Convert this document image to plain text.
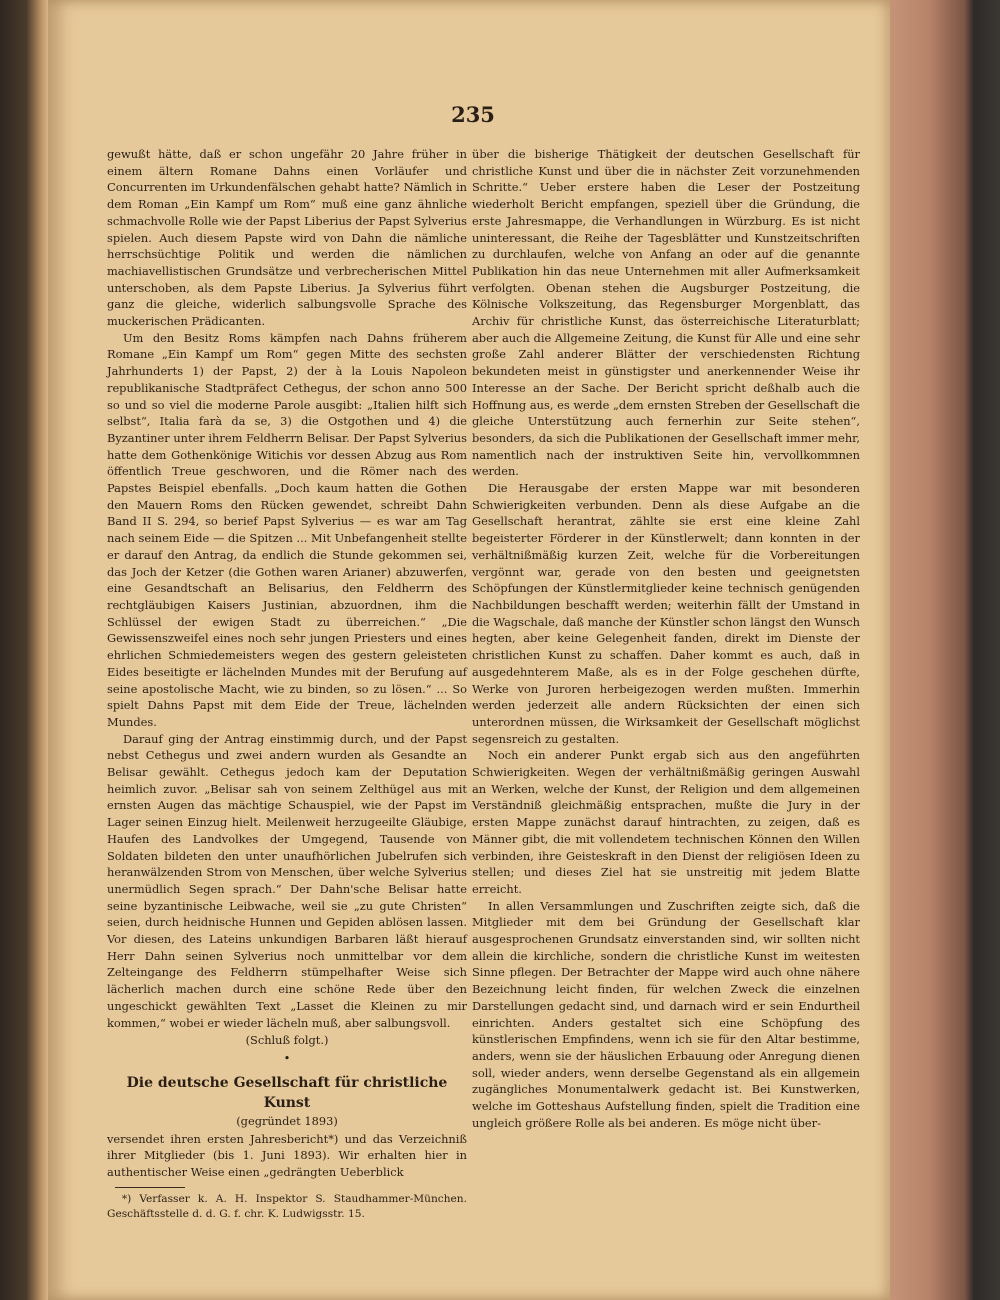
235

gewußt hätte, daß er schon ungefähr 20 Jahre früher in einem ältern Romane Dahns einen Vorläufer und Concurrenten im Urkundenfälschen gehabt hatte? Nämlich in dem Roman „Ein Kampf um Rom“ muß eine ganz ähnliche schmachvolle Rolle wie der Papst Liberius der Papst Sylverius spielen. Auch diesem Papste wird von Dahn die nämliche herrschsüchtige Politik und werden die nämlichen machiavellistischen Grundsätze und verbrecherischen Mittel unterschoben, als dem Papste Liberius. Ja Sylverius führt ganz die gleiche, widerlich salbungsvolle Sprache des muckerischen Prädicanten.

Um den Besitz Roms kämpfen nach Dahns früherem Romane „Ein Kampf um Rom“ gegen Mitte des sechsten Jahrhunderts 1) der Papst, 2) der à la Louis Napoleon republikanische Stadtpräfect Cethegus, der schon anno 500 so und so viel die moderne Parole ausgibt: „Italien hilft sich selbst“, Italia farà da se, 3) die Ostgothen und 4) die Byzantiner unter ihrem Feldherrn Belisar. Der Papst Sylverius hatte dem Gothenkönige Witichis vor dessen Abzug aus Rom öffentlich Treue geschworen, und die Römer nach des Papstes Beispiel ebenfalls. „Doch kaum hatten die Gothen den Mauern Roms den Rücken gewendet, schreibt Dahn Band II S. 294, so berief Papst Sylverius — es war am Tag nach seinem Eide — die Spitzen ... Mit Unbefangenheit stellte er darauf den Antrag, da endlich die Stunde gekommen sei, das Joch der Ketzer (die Gothen waren Arianer) abzuwerfen, eine Gesandtschaft an Belisarius, den Feldherrn des rechtgläubigen Kaisers Justinian, abzuordnen, ihm die Schlüssel der ewigen Stadt zu überreichen.“ „Die Gewissenszweifel eines noch sehr jungen Priesters und eines ehrlichen Schmiedemeisters wegen des gestern geleisteten Eides beseitigte er lächelnden Mundes mit der Berufung auf seine apostolische Macht, wie zu binden, so zu lösen.“ ... So spielt Dahns Papst mit dem Eide der Treue, lächelnden Mundes.

Darauf ging der Antrag einstimmig durch, und der Papst nebst Cethegus und zwei andern wurden als Gesandte an Belisar gewählt. Cethegus jedoch kam der Deputation heimlich zuvor. „Belisar sah von seinem Zelthügel aus mit ernsten Augen das mächtige Schauspiel, wie der Papst im Lager seinen Einzug hielt. Meilenweit herzugeeilte Gläubige, Haufen des Landvolkes der Umgegend, Tausende von Soldaten bildeten den unter unaufhörlichen Jubelrufen sich heranwälzenden Strom von Menschen, über welche Sylverius unermüdlich Segen sprach.“ Der Dahn'sche Belisar hatte seine byzantinische Leibwache, weil sie „zu gute Christen“ seien, durch heidnische Hunnen und Gepiden ablösen lassen. Vor diesen, des Lateins unkundigen Barbaren läßt hierauf Herr Dahn seinen Sylverius noch unmittelbar vor dem Zelteingange des Feldherrn stümpelhafter Weise sich lächerlich machen durch eine schöne Rede über den ungeschickt gewählten Text „Lasset die Kleinen zu mir kommen,“ wobei er wieder lächeln muß, aber salbungsvoll.

(Schluß folgt.)
•
Die deutsche Gesellschaft für christliche Kunst
(gegründet 1893)

versendet ihren ersten Jahresbericht*) und das Verzeichniß ihrer Mitglieder (bis 1. Juni 1893). Wir erhalten hier in authentischer Weise einen „gedrängten Ueberblick

*) Verfasser k. A. H. Inspektor S. Staudhammer-München. Geschäftsstelle d. d. G. f. chr. K. Ludwigsstr. 15.

über die bisherige Thätigkeit der deutschen Gesellschaft für christliche Kunst und über die in nächster Zeit vorzunehmenden Schritte.“ Ueber erstere haben die Leser der Postzeitung wiederholt Bericht empfangen, speziell über die Gründung, die erste Jahresmappe, die Verhandlungen in Würzburg. Es ist nicht uninteressant, die Reihe der Tagesblätter und Kunstzeitschriften zu durchlaufen, welche von Anfang an oder auf die genannte Publikation hin das neue Unternehmen mit aller Aufmerksamkeit verfolgten. Obenan stehen die Augsburger Postzeitung, die Kölnische Volkszeitung, das Regensburger Morgenblatt, das Archiv für christliche Kunst, das österreichische Literaturblatt; aber auch die Allgemeine Zeitung, die Kunst für Alle und eine sehr große Zahl anderer Blätter der verschiedensten Richtung bekundeten meist in günstigster und anerkennender Weise ihr Interesse an der Sache. Der Bericht spricht deßhalb auch die Hoffnung aus, es werde „dem ernsten Streben der Gesellschaft die gleiche Unterstützung auch fernerhin zur Seite stehen“, besonders, da sich die Publikationen der Gesellschaft immer mehr, namentlich nach der instruktiven Seite hin, vervollkommnen werden.

Die Herausgabe der ersten Mappe war mit besonderen Schwierigkeiten verbunden. Denn als diese Aufgabe an die Gesellschaft herantrat, zählte sie erst eine kleine Zahl begeisterter Förderer in der Künstlerwelt; dann konnten in der verhältnißmäßig kurzen Zeit, welche für die Vorbereitungen vergönnt war, gerade von den besten und geeignetsten Schöpfungen der Künstlermitglieder keine technisch genügenden Nachbildungen beschafft werden; weiterhin fällt der Umstand in die Wagschale, daß manche der Künstler schon längst den Wunsch hegten, aber keine Gelegenheit fanden, direkt im Dienste der christlichen Kunst zu schaffen. Daher kommt es auch, daß in ausgedehnterem Maße, als es in der Folge geschehen dürfte, Werke von Juroren herbeigezogen werden mußten. Immerhin werden jederzeit alle andern Rücksichten der einen sich unterordnen müssen, die Wirksamkeit der Gesellschaft möglichst segensreich zu gestalten.

Noch ein anderer Punkt ergab sich aus den angeführten Schwierigkeiten. Wegen der verhältnißmäßig geringen Auswahl an Werken, welche der Kunst, der Religion und dem allgemeinen Verständniß gleichmäßig entsprachen, mußte die Jury in der ersten Mappe zunächst darauf hintrachten, zu zeigen, daß es Männer gibt, die mit vollendetem technischen Können den Willen verbinden, ihre Geisteskraft in den Dienst der religiösen Ideen zu stellen; und dieses Ziel hat sie unstreitig mit jedem Blatte erreicht.

In allen Versammlungen und Zuschriften zeigte sich, daß die Mitglieder mit dem bei Gründung der Gesellschaft klar ausgesprochenen Grundsatz einverstanden sind, wir sollten nicht allein die kirchliche, sondern die christliche Kunst im weitesten Sinne pflegen. Der Betrachter der Mappe wird auch ohne nähere Bezeichnung leicht finden, für welchen Zweck die einzelnen Darstellungen gedacht sind, und darnach wird er sein Endurtheil einrichten. Anders gestaltet sich eine Schöpfung des künstlerischen Empfindens, wenn ich sie für den Altar bestimme, anders, wenn sie der häuslichen Erbauung oder Anregung dienen soll, wieder anders, wenn derselbe Gegenstand als ein allgemein zugängliches Monumentalwerk gedacht ist. Bei Kunstwerken, welche im Gotteshaus Aufstellung finden, spielt die Tradition eine ungleich größere Rolle als bei anderen. Es möge nicht über-
